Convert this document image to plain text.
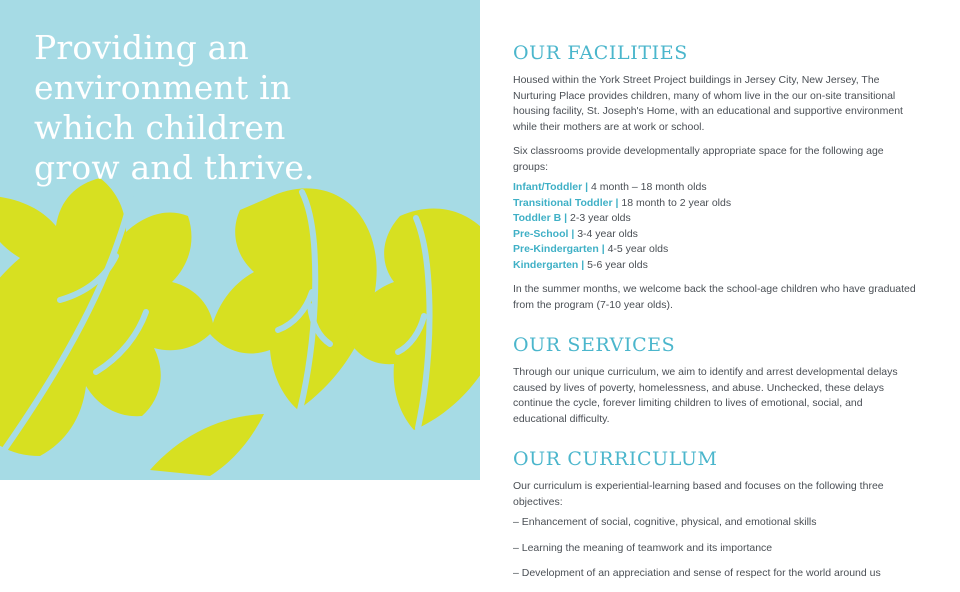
Providing an
environment in
which children
grow and thrive.
OUR FACILITIES

Housed within the York Street Project buildings in Jersey City, New Jersey, The Nurturing Place provides children, many of whom live in the our on-site transitional housing facility, St. Joseph's Home, with an educational and supportive environment while their mothers are at work or school.

Six classrooms provide developmentally appropriate space for the following age groups:

Infant/Toddler | 4 month – 18 month olds
Transitional Toddler | 18 month to 2 year olds
Toddler B | 2-3 year olds
Pre-School | 3-4 year olds
Pre-Kindergarten | 4-5 year olds
Kindergarten | 5-6 year olds

In the summer months, we welcome back the school-age children who have graduated from the program (7-10 year olds).

OUR SERVICES

Through our unique curriculum, we aim to identify and arrest developmental delays caused by lives of poverty, homelessness, and abuse. Unchecked, these delays continue the cycle, forever limiting children to lives of emotional, social, and educational difficulty.

OUR CURRICULUM

Our curriculum is experiential-learning based and focuses on the following three objectives:

– Enhancement of social, cognitive, physical, and emotional skills
– Learning the meaning of teamwork and its importance
– Development of an appreciation and sense of respect for the world around us
